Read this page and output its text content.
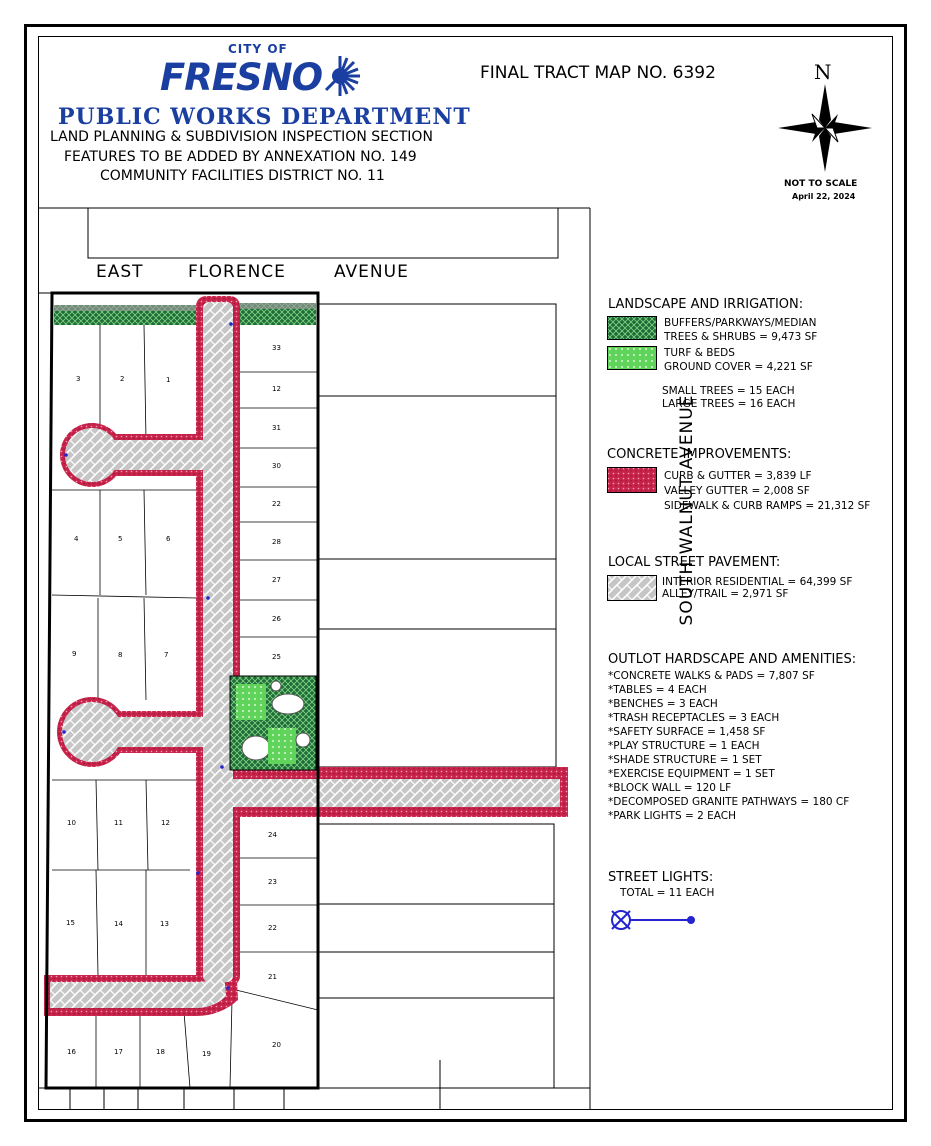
CITY OF
FRESNO
PUBLIC WORKS DEPARTMENT
LAND PLANNING & SUBDIVISION INSPECTION SECTION
FEATURES TO BE ADDED BY ANNEXATION NO. 149
COMMUNITY FACILITIES DISTRICT NO. 11
FINAL TRACT MAP NO. 6392	N
NOT TO SCALE
April 22, 2024
3	2	1
4	5	6
9	8	7
10	11	12
15	14	13
16	17	18	19
33
12
31
30
22
28
27
26
25
24
23
22
21
20
EAST	FLORENCE	AVENUE
SOUTH WALNUT AVENUE
LANDSCAPE AND IRRIGATION:
BUFFERS/PARKWAYS/MEDIAN
TREES & SHRUBS = 9,473 SF
TURF & BEDS
GROUND COVER = 4,221 SF
SMALL TREES = 15 EACH
LARGE TREES = 16 EACH
CONCRETE IMPROVEMENTS:
CURB & GUTTER = 3,839 LF
VALLEY GUTTER = 2,008 SF
SIDEWALK & CURB RAMPS = 21,312 SF
LOCAL STREET PAVEMENT:
INTERIOR RESIDENTIAL = 64,399 SF
ALLEY/TRAIL = 2,971 SF
OUTLOT HARDSCAPE AND AMENITIES:
*CONCRETE WALKS & PADS = 7,807 SF
*TABLES = 4 EACH
*BENCHES = 3 EACH
*TRASH RECEPTACLES = 3 EACH
*SAFETY SURFACE = 1,458 SF
*PLAY STRUCTURE = 1 EACH
*SHADE STRUCTURE = 1 SET
*EXERCISE EQUIPMENT = 1 SET
*BLOCK WALL = 120 LF
*DECOMPOSED GRANITE PATHWAYS = 180 CF
*PARK LIGHTS = 2 EACH
STREET LIGHTS:
TOTAL = 11 EACH
